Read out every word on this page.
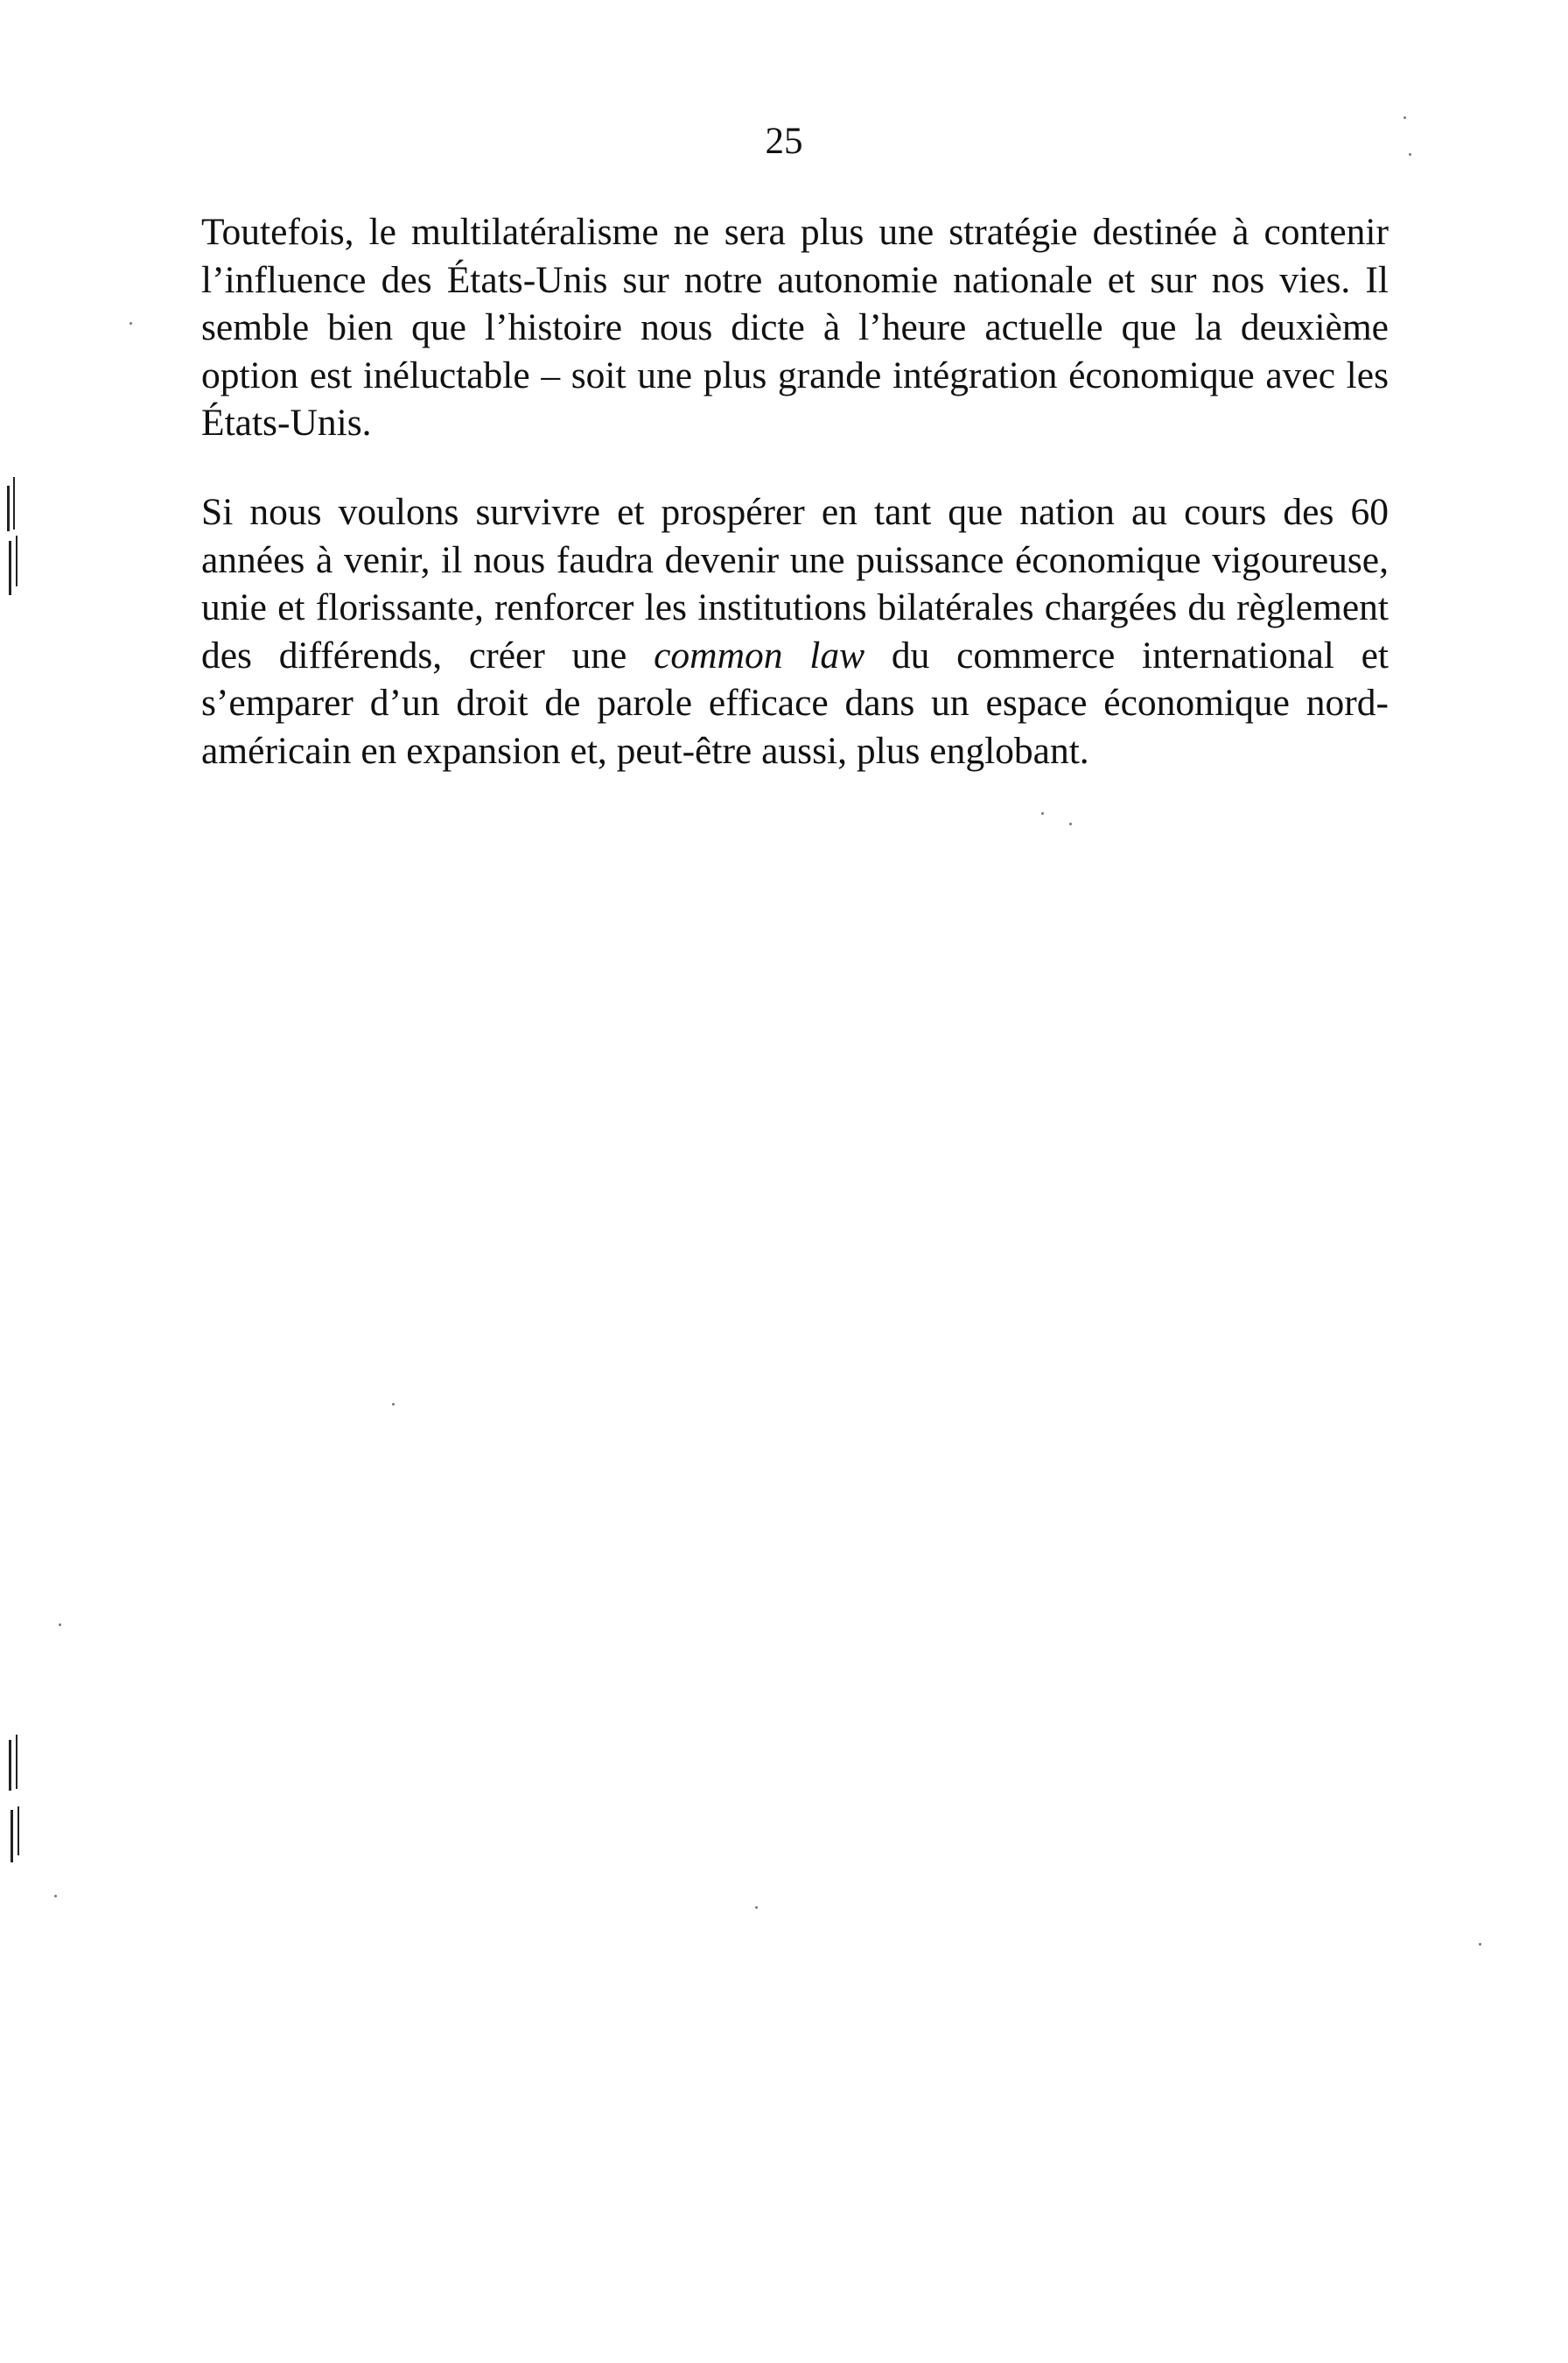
25

Toutefois, le multilatéralisme ne sera plus une stratégie destinée à contenir l’influence des États-Unis sur notre autonomie nationale et sur nos vies. Il semble bien que l’histoire nous dicte à l’heure actuelle que la deuxième option est inéluctable – soit une plus grande intégration économique avec les États-Unis.

Si nous voulons survivre et prospérer en tant que nation au cours des 60 années à venir, il nous faudra devenir une puissance économique vigoureuse, unie et florissante, renforcer les institutions bilatérales chargées du règlement des différends, créer une common law du commerce international et s’emparer d’un droit de parole efficace dans un espace économique nord-américain en expansion et, peut-être aussi, plus englobant.
